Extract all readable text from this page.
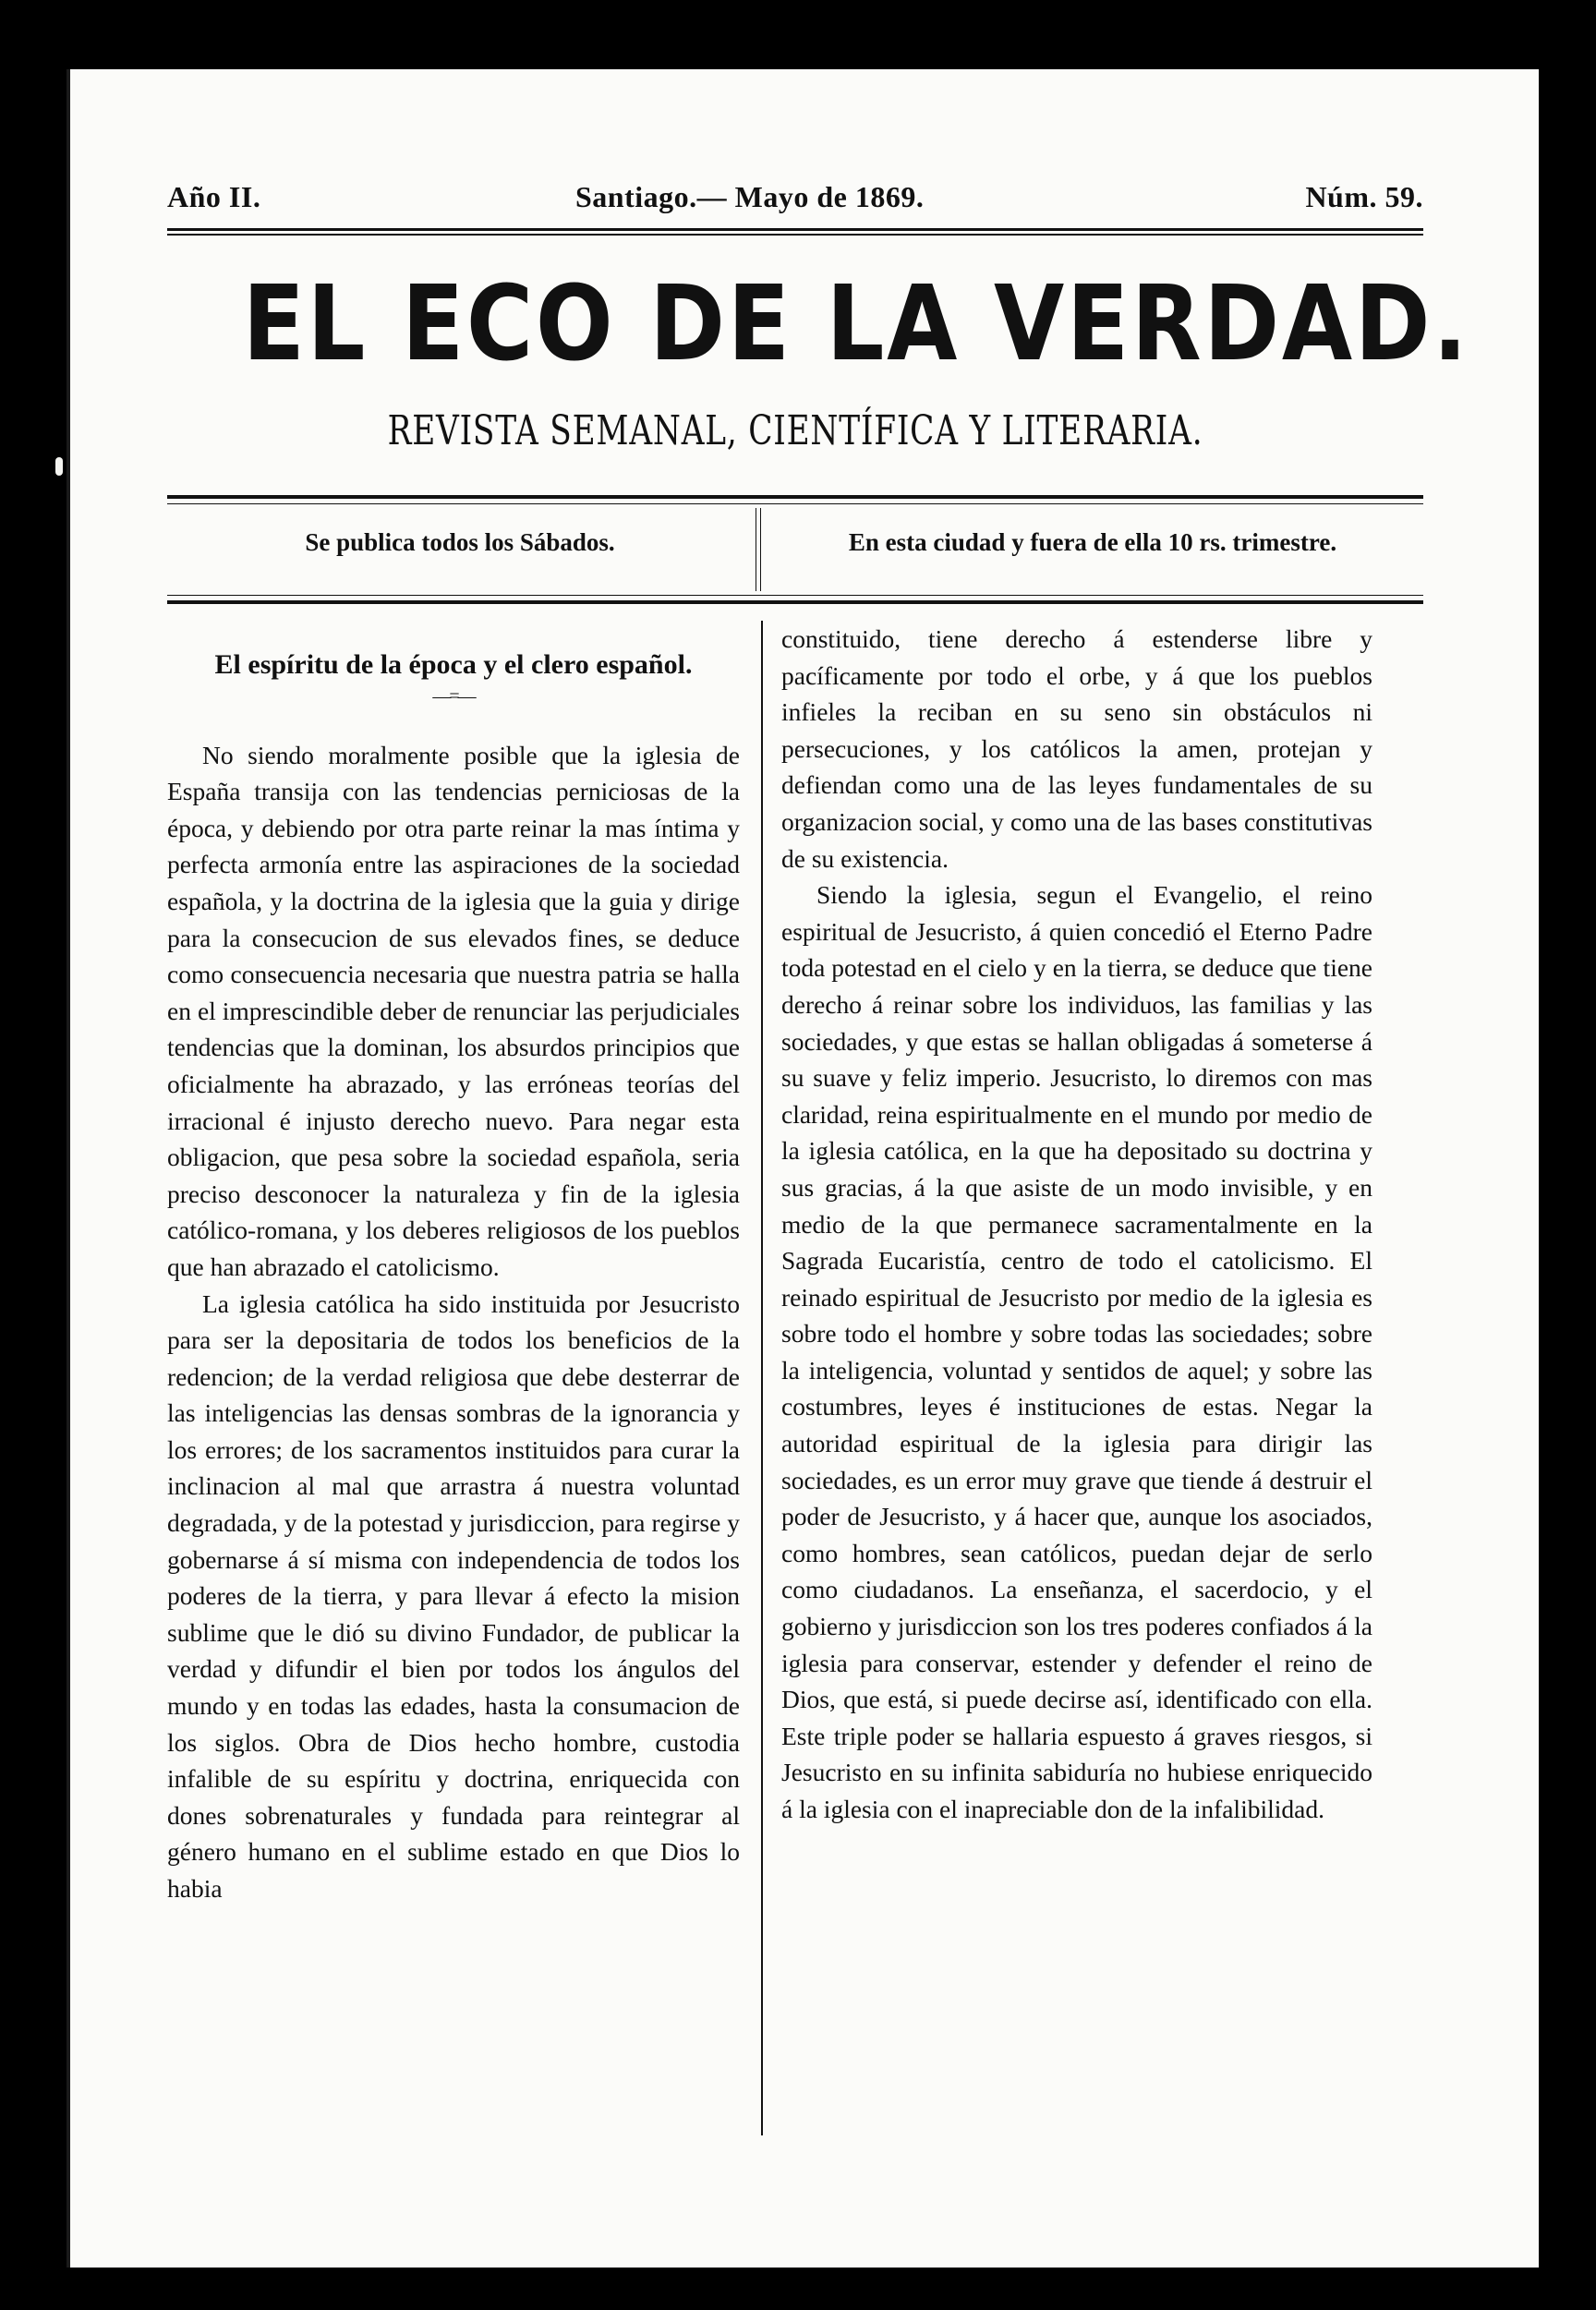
Año II.	Santiago.— Mayo de 1869.	Núm. 59.
EL ECO DE LA VERDAD.
REVISTA SEMANAL, CIENTÍFICA Y LITERARIA.
Se publica todos los Sábados.	En esta ciudad y fuera de ella 10 rs. trimestre.
El espíritu de la época y el clero español.
—=—

No siendo moralmente posible que la iglesia de España transija con las tendencias perniciosas de la época, y debiendo por otra parte reinar la mas íntima y perfecta armonía entre las aspiraciones de la sociedad española, y la doctrina de la iglesia que la guia y dirige para la consecucion de sus elevados fines, se deduce como consecuencia necesaria que nuestra patria se halla en el imprescindible deber de renunciar las perjudiciales tendencias que la dominan, los absurdos principios que oficialmente ha abrazado, y las erróneas teorías del irracional é injusto derecho nuevo. Para negar esta obligacion, que pesa sobre la sociedad española, seria preciso desconocer la naturaleza y fin de la iglesia católico-romana, y los deberes religiosos de los pueblos que han abrazado el catolicismo.

La iglesia católica ha sido instituida por Jesucristo para ser la depositaria de todos los beneficios de la redencion; de la verdad religiosa que debe desterrar de las inteligencias las densas sombras de la ignorancia y los errores; de los sacramentos instituidos para curar la inclinacion al mal que arrastra á nuestra voluntad degradada, y de la potestad y jurisdiccion, para regirse y gobernarse á sí misma con independencia de todos los poderes de la tierra, y para llevar á efecto la mision sublime que le dió su divino Fundador, de publicar la verdad y difundir el bien por todos los ángulos del mundo y en todas las edades, hasta la consumacion de los siglos. Obra de Dios hecho hombre, custodia infalible de su espíritu y doctrina, enriquecida con dones sobrenaturales y fundada para reintegrar al género humano en el sublime estado en que Dios lo habia

constituido, tiene derecho á estenderse libre y pacíficamente por todo el orbe, y á que los pueblos infieles la reciban en su seno sin obstáculos ni persecuciones, y los católicos la amen, protejan y defiendan como una de las leyes fundamentales de su organizacion social, y como una de las bases constitutivas de su existencia.

Siendo la iglesia, segun el Evangelio, el reino espiritual de Jesucristo, á quien concedió el Eterno Padre toda potestad en el cielo y en la tierra, se deduce que tiene derecho á reinar sobre los individuos, las familias y las sociedades, y que estas se hallan obligadas á someterse á su suave y feliz imperio. Jesucristo, lo diremos con mas claridad, reina espiritualmente en el mundo por medio de la iglesia católica, en la que ha depositado su doctrina y sus gracias, á la que asiste de un modo invisible, y en medio de la que permanece sacramentalmente en la Sagrada Eucaristía, centro de todo el catolicismo. El reinado espiritual de Jesucristo por medio de la iglesia es sobre todo el hombre y sobre todas las sociedades; sobre la inteligencia, voluntad y sentidos de aquel; y sobre las costumbres, leyes é instituciones de estas. Negar la autoridad espiritual de la iglesia para dirigir las sociedades, es un error muy grave que tiende á destruir el poder de Jesucristo, y á hacer que, aunque los asociados, como hombres, sean católicos, puedan dejar de serlo como ciudadanos. La enseñanza, el sacerdocio, y el gobierno y jurisdiccion son los tres poderes confiados á la iglesia para conservar, estender y defender el reino de Dios, que está, si puede decirse así, identificado con ella. Este triple poder se hallaria espuesto á graves riesgos, si Jesucristo en su infinita sabiduría no hubiese enriquecido á la iglesia con el inapreciable don de la infalibilidad.
